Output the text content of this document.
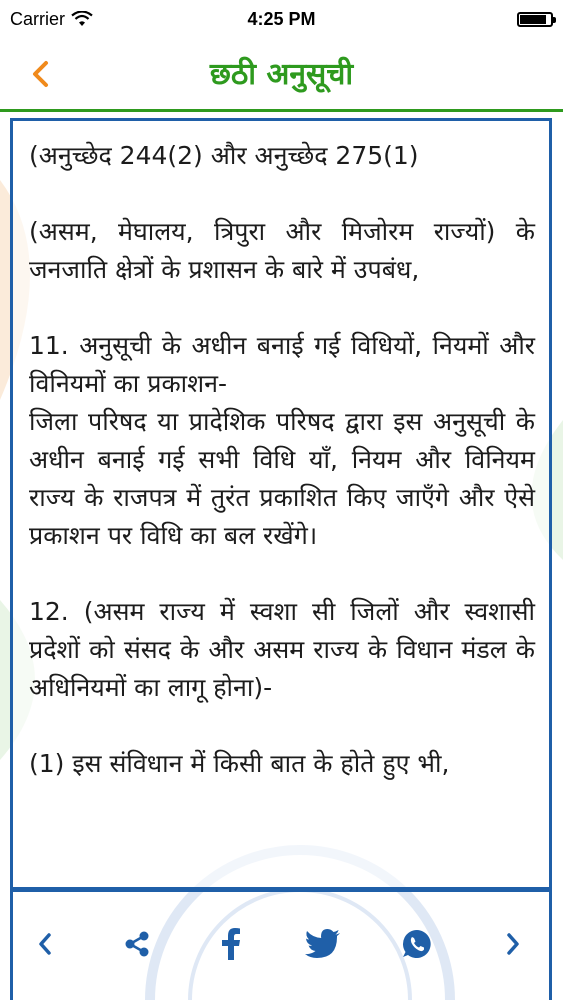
Carrier	4:25 PM
छठी अनुसूची

(अनुच्छेद 244(2) और अनुच्छेद 275(1)

(असम, मेघालय, त्रिपुरा और मिजोरम राज्यों) के जनजाति क्षेत्रों के प्रशासन के बारे में उपबंध,

11. अनुसूची के अधीन बनाई गई विधियों, नियमों और विनियमों का प्रकाशन-
जिला परिषद या प्रादेशिक परिषद द्वारा इस अनुसूची के अधीन बनाई गई सभी विधि याँ, नियम और विनियम राज्य के राजपत्र में तुरंत प्रकाशित किए जाएँगे और ऐसे प्रकाशन पर विधि का बल रखेंगे।

12. (असम राज्य में स्वशा सी जिलों और स्वशासी प्रदेशों को संसद के और असम राज्य के विधान मंडल के अधिनियमों का लागू होना)-

(1) इस संविधान में किसी बात के होते हुए भी,
